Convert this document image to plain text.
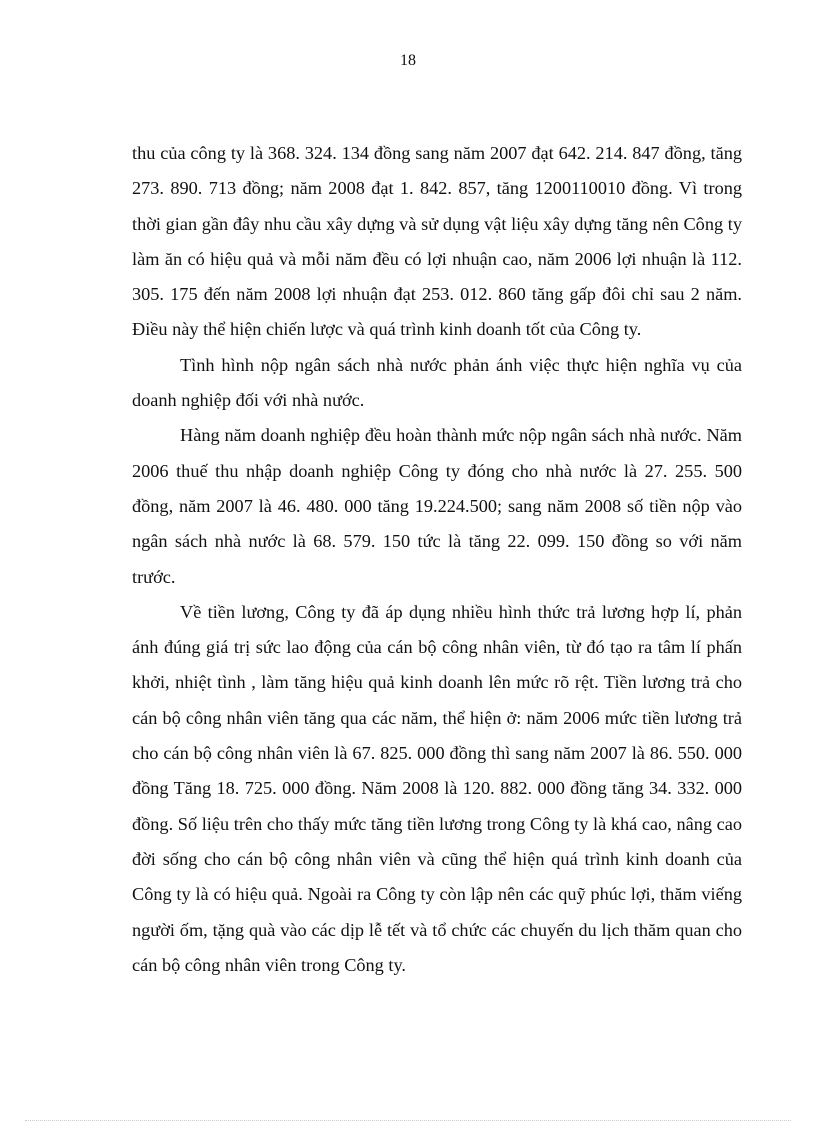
18

thu của công ty là 368. 324. 134 đồng sang năm 2007 đạt 642. 214. 847 đồng, tăng 273. 890. 713 đồng; năm 2008 đạt 1. 842. 857, tăng 1200110010 đồng. Vì trong thời gian gần đây nhu cầu xây dựng và sử dụng vật liệu xây dựng tăng nên Công ty làm ăn có hiệu quả và mỗi năm đều có lợi nhuận cao, năm 2006 lợi nhuận là 112. 305. 175 đến năm 2008 lợi nhuận đạt 253. 012. 860 tăng gấp đôi chỉ sau 2 năm. Điều này thể hiện chiến lược và quá trình kinh doanh tốt của Công ty.

Tình hình nộp ngân sách nhà nước phản ánh việc thực hiện nghĩa vụ của doanh nghiệp đối với nhà nước.

Hàng năm doanh nghiệp đều hoàn thành mức nộp ngân sách nhà nước. Năm 2006 thuế thu nhập doanh nghiệp Công ty đóng cho nhà nước là 27. 255. 500 đồng, năm 2007 là 46. 480. 000 tăng 19.224.500; sang năm 2008 số tiền nộp vào ngân sách nhà nước là 68. 579. 150 tức là tăng 22. 099. 150 đồng so với năm trước.

Về tiền lương, Công ty đã áp dụng nhiều hình thức trả lương hợp lí, phản ánh đúng giá trị sức lao động của cán bộ công nhân viên, từ đó tạo ra tâm lí phấn khởi, nhiệt tình , làm tăng hiệu quả kinh doanh lên mức rõ rệt. Tiền lương trả cho cán bộ công nhân viên tăng qua các năm, thể hiện ở: năm 2006 mức tiền lương trả cho cán bộ công nhân viên là 67. 825. 000 đồng thì sang năm 2007 là 86. 550. 000 đồng Tăng 18. 725. 000 đồng. Năm 2008 là 120. 882. 000 đồng tăng 34. 332. 000 đồng. Số liệu trên cho thấy mức tăng tiền lương trong Công ty là khá cao, nâng cao đời sống cho cán bộ công nhân viên và cũng thể hiện quá trình kinh doanh của Công ty là có hiệu quả. Ngoài ra Công ty còn lập nên các quỹ phúc lợi, thăm viếng người ốm, tặng quà vào các dịp lễ tết và tổ chức các chuyến du lịch thăm quan cho cán bộ công nhân viên trong Công ty.
